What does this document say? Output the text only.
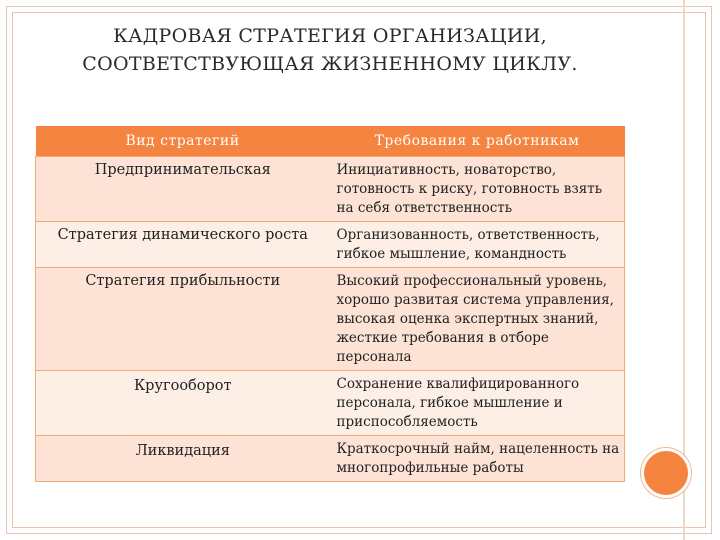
КАДРОВАЯ СТРАТЕГИЯ ОРГАНИЗАЦИИ,
СООТВЕТСТВУЮЩАЯ ЖИЗНЕННОМУ ЦИКЛУ.
Вид стратегий	Требования к работникам
Предпринимательская	Инициативность, новаторство, готовность к риску, готовность взять на себя ответственность
Стратегия динамического роста	Организованность, ответственность, гибкое мышление, командность
Стратегия прибыльности	Высокий профессиональный уровень, хорошо развитая система управления, высокая оценка экспертных знаний, жесткие требования в отборе персонала
Кругооборот	Сохранение квалифицированного персонала, гибкое мышление и приспособляемость
Ликвидация	Краткосрочный найм, нацеленность на многопрофильные работы
